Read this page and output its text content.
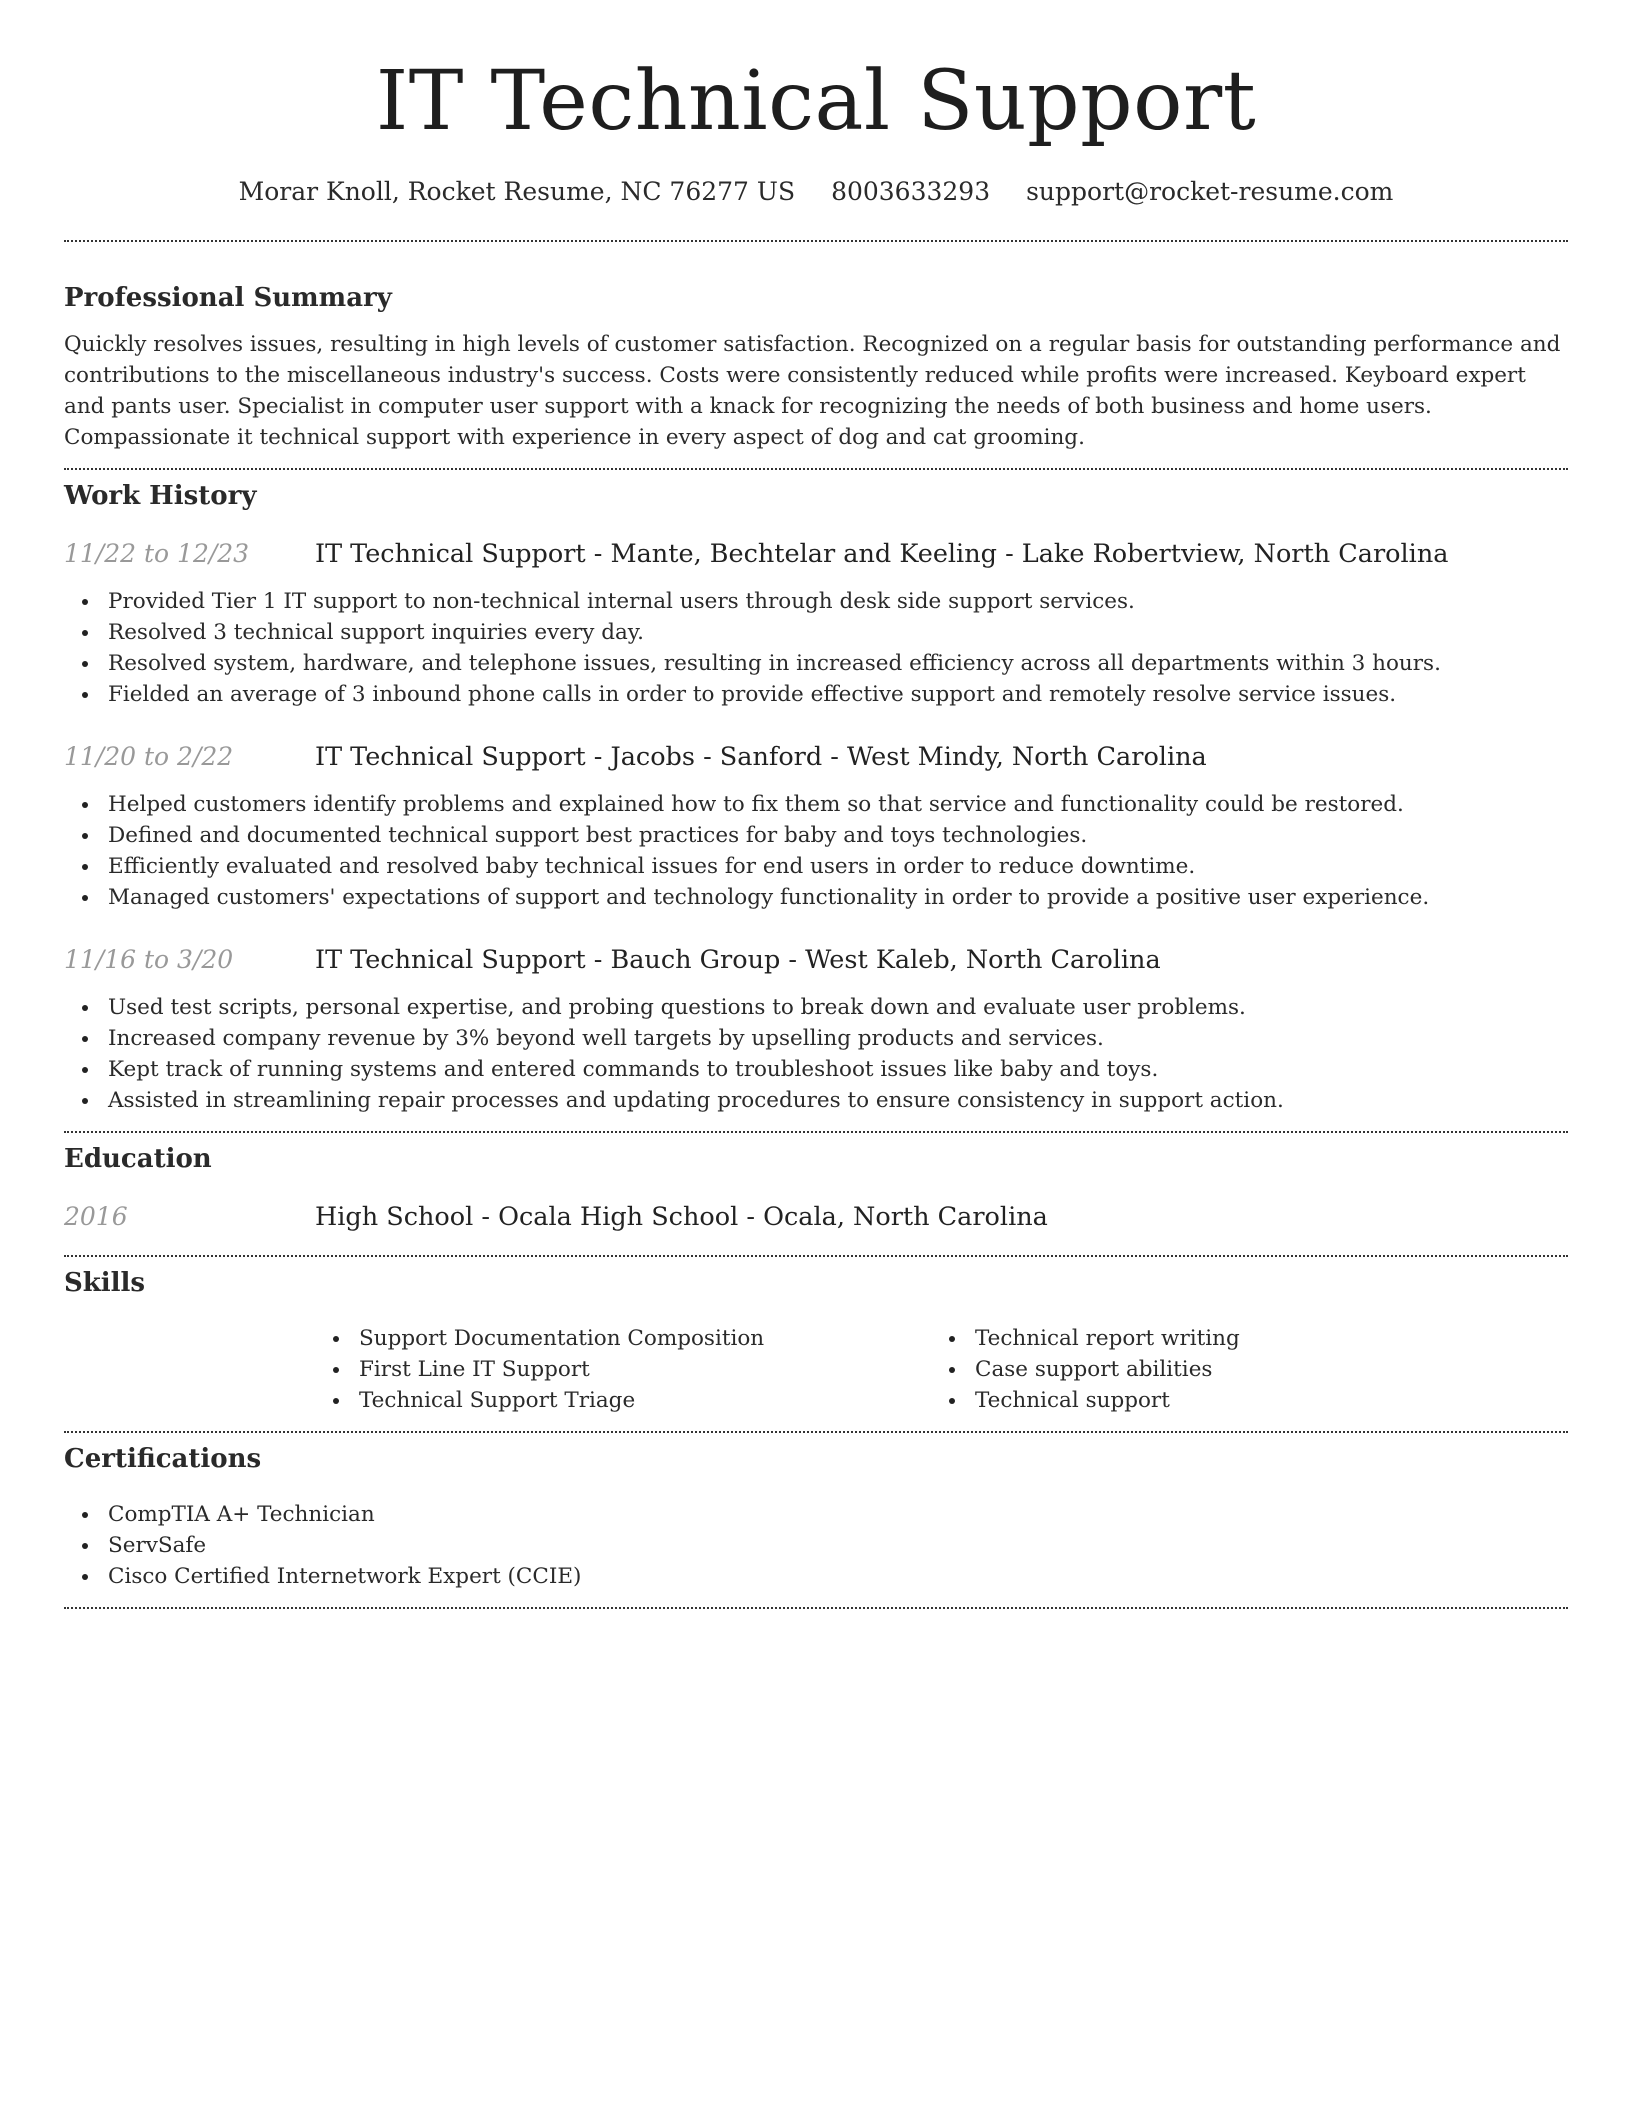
IT Technical Support
Morar Knoll, Rocket Resume, NC 76277 US 8003633293 support@rocket-resume.com
Professional Summary

Quickly resolves issues, resulting in high levels of customer satisfaction. Recognized on a regular basis for outstanding performance and contributions to the miscellaneous industry's success. Costs were consistently reduced while profits were increased. Keyboard expert and pants user. Specialist in computer user support with a knack for recognizing the needs of both business and home users. Compassionate it technical support with experience in every aspect of dog and cat grooming.

Work History
11/22 to 12/23	IT Technical Support - Mante, Bechtelar and Keeling - Lake Robertview, North Carolina
Provided Tier 1 IT support to non-technical internal users through desk side support services.
Resolved 3 technical support inquiries every day.
Resolved system, hardware, and telephone issues, resulting in increased efficiency across all departments within 3 hours.
Fielded an average of 3 inbound phone calls in order to provide effective support and remotely resolve service issues.
11/20 to 2/22	IT Technical Support - Jacobs - Sanford - West Mindy, North Carolina
Helped customers identify problems and explained how to fix them so that service and functionality could be restored.
Defined and documented technical support best practices for baby and toys technologies.
Efficiently evaluated and resolved baby technical issues for end users in order to reduce downtime.
Managed customers' expectations of support and technology functionality in order to provide a positive user experience.
11/16 to 3/20	IT Technical Support - Bauch Group - West Kaleb, North Carolina
Used test scripts, personal expertise, and probing questions to break down and evaluate user problems.
Increased company revenue by 3% beyond well targets by upselling products and services.
Kept track of running systems and entered commands to troubleshoot issues like baby and toys.
Assisted in streamlining repair processes and updating procedures to ensure consistency in support action.
Education
2016	High School - Ocala High School - Ocala, North Carolina
Skills
Support Documentation Composition
First Line IT Support
Technical Support Triage
Technical report writing
Case support abilities
Technical support
Certifications
CompTIA A+ Technician
ServSafe
Cisco Certified Internetwork Expert (CCIE)
